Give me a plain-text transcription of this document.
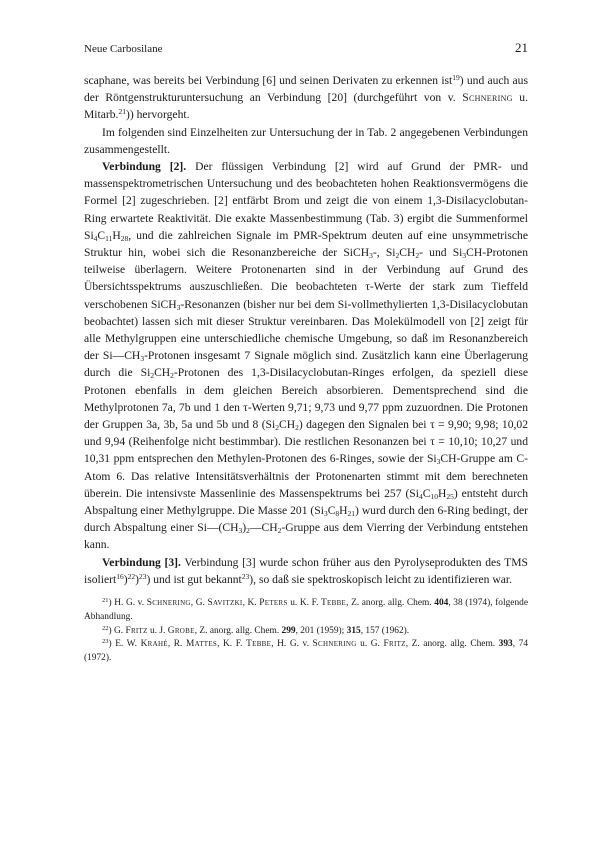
Neue Carbosilane	21

scaphane, was bereits bei Verbindung [6] und seinen Derivaten zu erkennen ist$^{19}$) und auch aus der Röntgenstrukturuntersuchung an Verbindung [20] (durchgeführt von v. Schnering u. Mitarb.$^{21}$)) hervorgeht.

Im folgenden sind Einzelheiten zur Untersuchung der in Tab. 2 angegebenen Verbindungen zusammengestellt.

Verbindung [2]. Der flüssigen Verbindung [2] wird auf Grund der PMR- und massenspektrometrischen Untersuchung und des beobachteten hohen Reaktionsvermögens die Formel [2] zugeschrieben. [2] entfärbt Brom und zeigt die von einem 1,3-Disilacyclobutan-Ring erwartete Reaktivität. Die exakte Massenbestimmung (Tab. 3) ergibt die Summenformel $Si_4C_{11}H_{28}$, und die zahlreichen Signale im PMR-Spektrum deuten auf eine unsymmetrische Struktur hin, wobei sich die Resonanzbereiche der SiCH$_3$-, $Si_2CH_2-$ und $Si_3CH$-Protonen teilweise überlagern. Weitere Protonenarten sind in der Verbindung auf Grund des Übersichtsspektrums auszuschließen. Die beobachteten τ-Werte der stark zum Tieffeld verschobenen SiCH$_3$-Resonanzen (bisher nur bei dem Si-vollmethylierten 1,3-Disilacyclobutan beobachtet) lassen sich mit dieser Struktur vereinbaren. Das Molekülmodell von [2] zeigt für alle Methylgruppen eine unterschiedliche chemische Umgebung, so daß im Resonanzbereich der $Si—CH_3$-Protonen insgesamt 7 Signale möglich sind. Zusätzlich kann eine Überlagerung durch die $Si_2CH_2$-Protonen des 1,3-Disilacyclobutan-Ringes erfolgen, da speziell diese Protonen ebenfalls in dem gleichen Bereich absorbieren. Dementsprechend sind die Methylprotonen 7a, 7b und 1 den τ-Werten 9,71; 9,73 und 9,77 ppm zuzuordnen. Die Protonen der Gruppen 3a, 3b, 5a und 5b und 8 $(Si_2CH_2)$ dagegen den Signalen bei τ = 9,90; 9,98; 10,02 und 9,94 (Reihenfolge nicht bestimmbar). Die restlichen Resonanzen bei τ = 10,10; 10,27 und 10,31 ppm entsprechen den Methylen-Protonen des 6-Ringes, sowie der $Si_3CH$-Gruppe am C-Atom 6. Das relative Intensitätsverhältnis der Protonenarten stimmt mit dem berechneten überein. Die intensivste Massenlinie des Massenspektrums bei 257 $(Si_4C_{10}H_{25})$ entsteht durch Abspaltung einer Methylgruppe. Die Masse 201 $(Si_3C_8H_{21})$ wurd durch den 6-Ring bedingt, der durch Abspaltung einer $Si—(CH_3)_2—CH_2$-Gruppe aus dem Vierring der Verbindung entstehen kann.

Verbindung [3]. Verbindung [3] wurde schon früher aus den Pyrolyseprodukten des TMS isoliert$^{16}$)$^{22}$)$^{23}$) und ist gut bekannt$^{23}$), so daß sie spektroskopisch leicht zu identifizieren war.

$^{21}$) H. G. v. Schnering, G. Savitzki, K. Peters u. K. F. Tebbe, Z. anorg. allg. Chem. 404, 38 (1974), folgende Abhandlung.

$^{22}$) G. Fritz u. J. Grobe, Z. anorg. allg. Chem. 299, 201 (1959); 315, 157 (1962).

$^{23}$) E. W. Krahé, R. Mattes, K. F. Tebbe, H. G. v. Schnering u. G. Fritz, Z. anorg. allg. Chem. 393, 74 (1972).
